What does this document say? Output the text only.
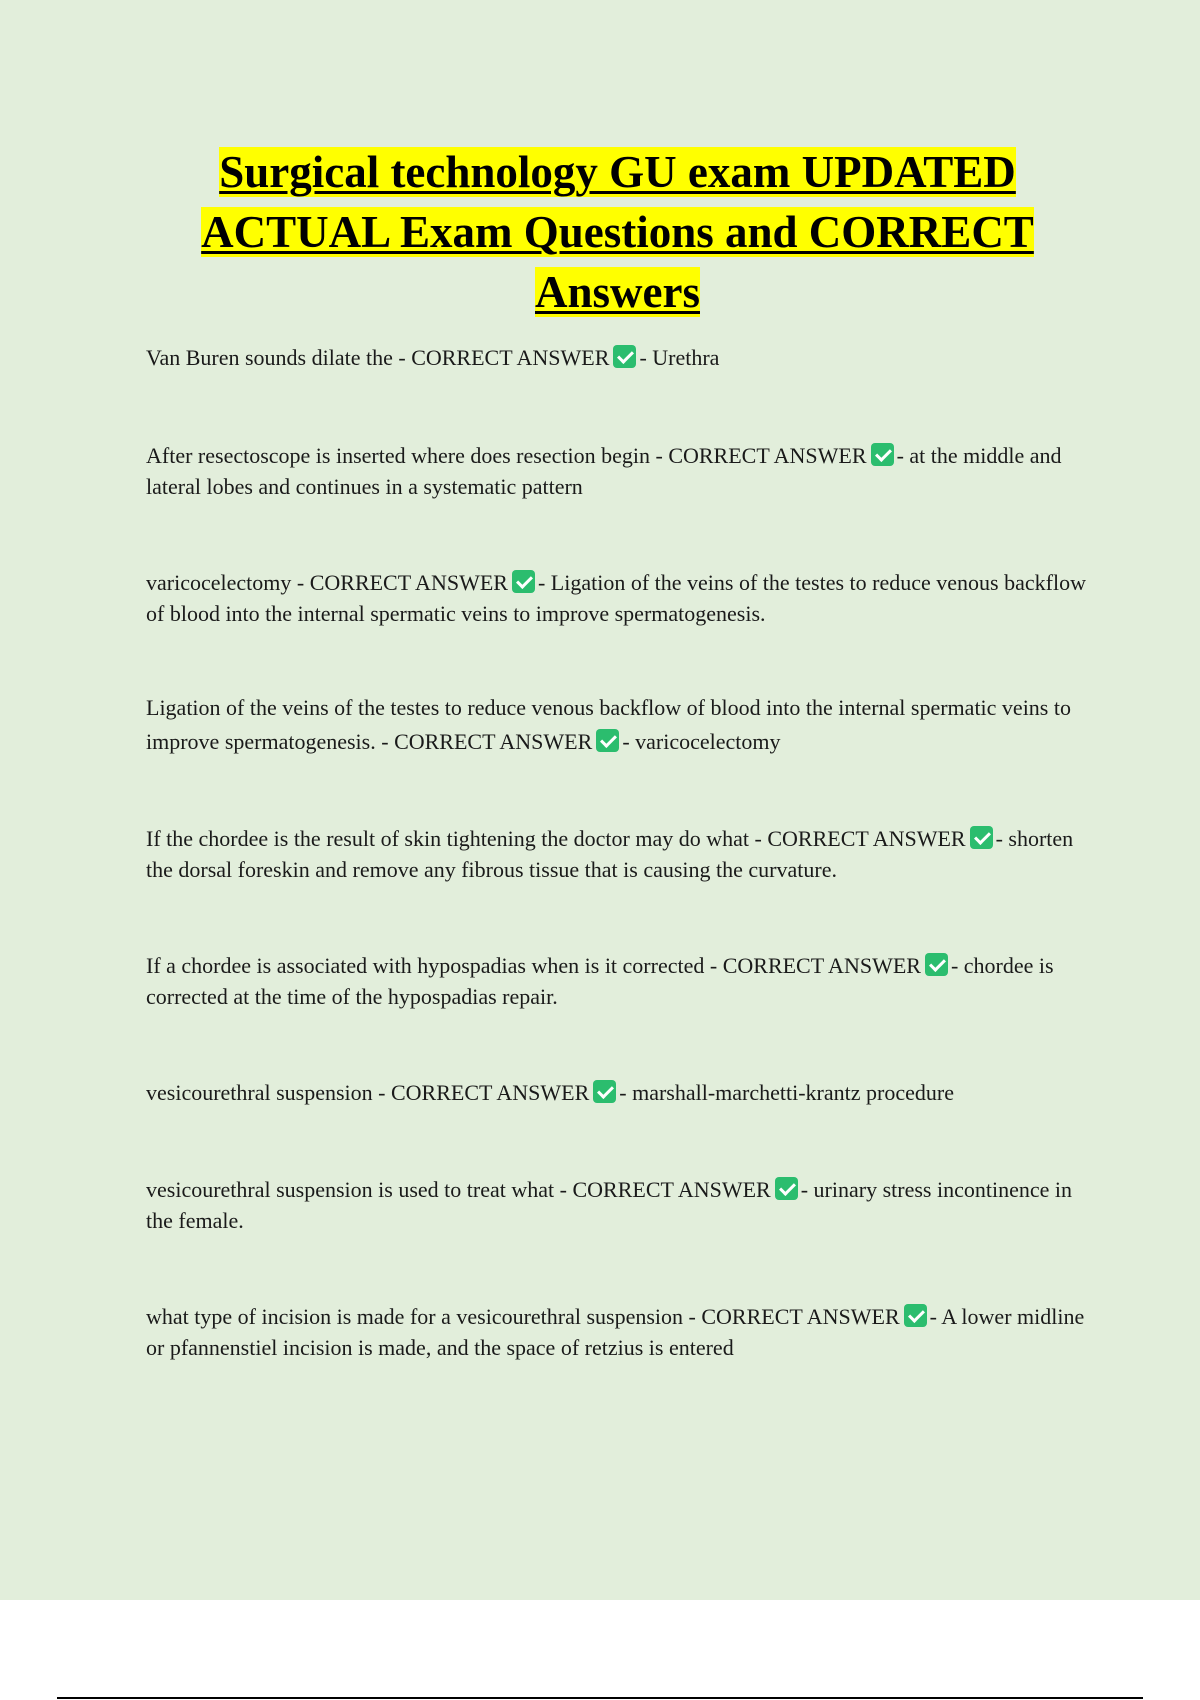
Surgical technology GU exam UPDATED ACTUAL Exam Questions and CORRECT Answers

Van Buren sounds dilate the - CORRECT ANSWER - Urethra

After resectoscope is inserted where does resection begin - CORRECT ANSWER - at the middle and lateral lobes and continues in a systematic pattern

varicocelectomy - CORRECT ANSWER - Ligation of the veins of the testes to reduce venous backflow of blood into the internal spermatic veins to improve spermatogenesis.

Ligation of the veins of the testes to reduce venous backflow of blood into the internal spermatic veins to improve spermatogenesis. - CORRECT ANSWER - varicocelectomy

If the chordee is the result of skin tightening the doctor may do what - CORRECT ANSWER - shorten the dorsal foreskin and remove any fibrous tissue that is causing the curvature.

If a chordee is associated with hypospadias when is it corrected - CORRECT ANSWER - chordee is corrected at the time of the hypospadias repair.

vesicourethral suspension - CORRECT ANSWER - marshall-marchetti-krantz procedure

vesicourethral suspension is used to treat what - CORRECT ANSWER - urinary stress incontinence in the female.

what type of incision is made for a vesicourethral suspension - CORRECT ANSWER - A lower midline or pfannenstiel incision is made, and the space of retzius is entered
